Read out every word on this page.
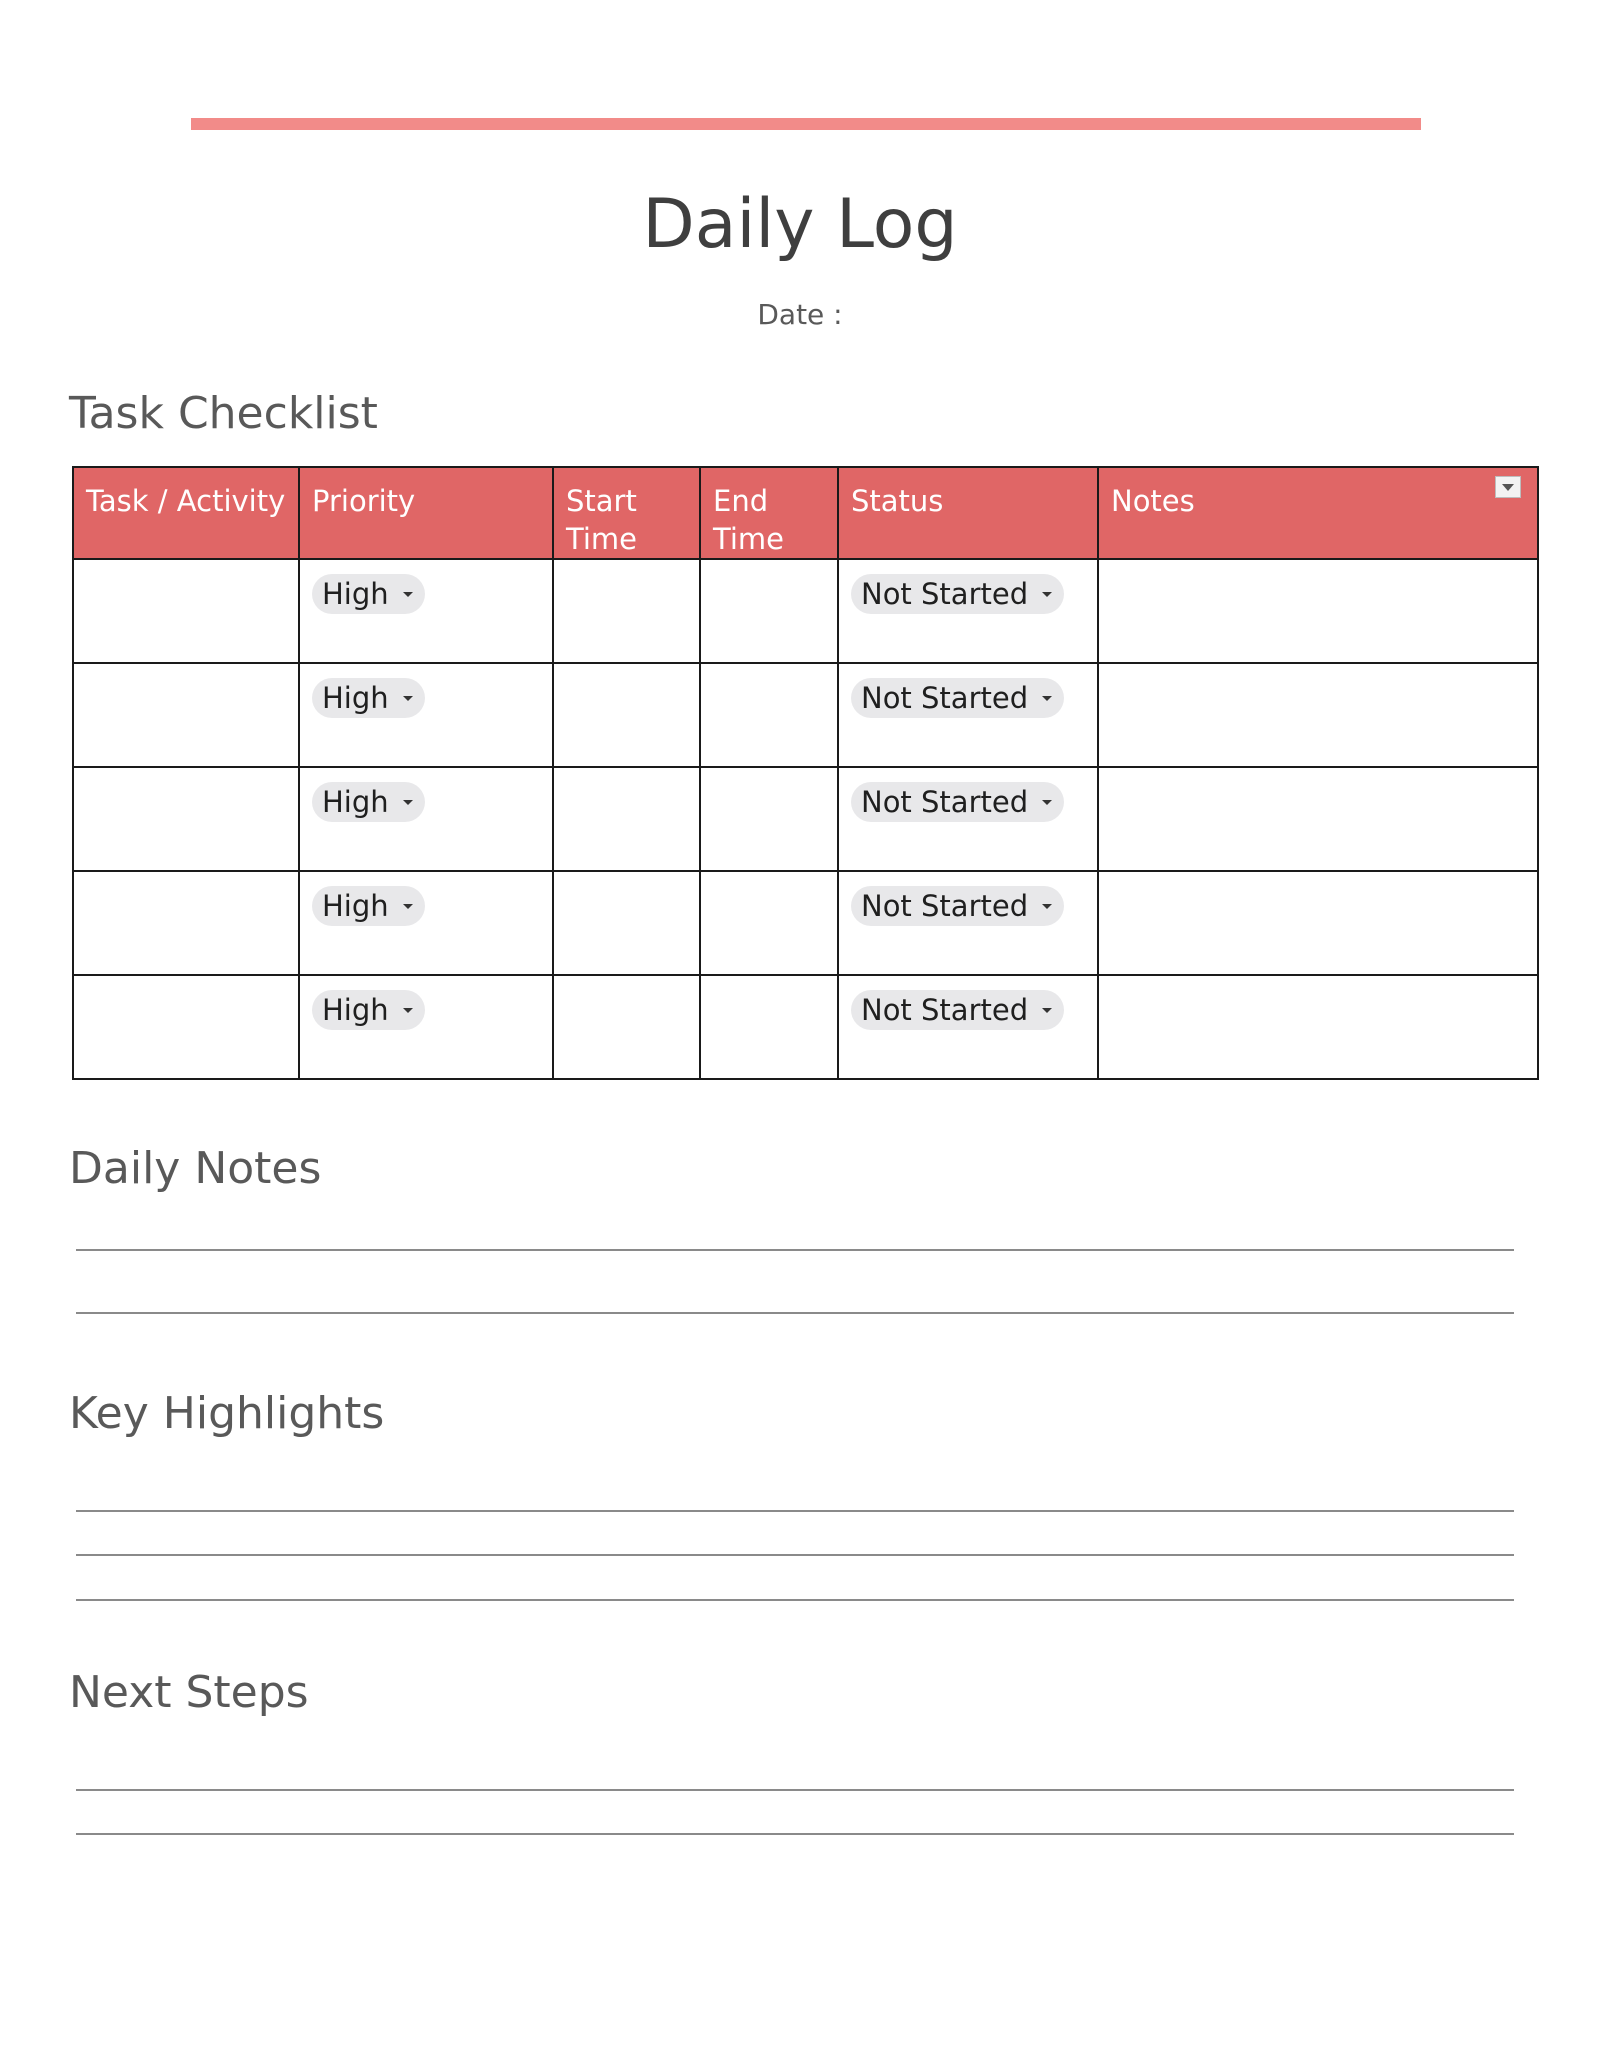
Daily Log
Date :
Task Checklist
Task / Activity	Priority	Start Time	End Time	Status	Notes

	High			Not Started	

	High			Not Started	

	High			Not Started	

	High			Not Started	

	High			Not Started	

Daily Notes
Key Highlights
Next Steps
